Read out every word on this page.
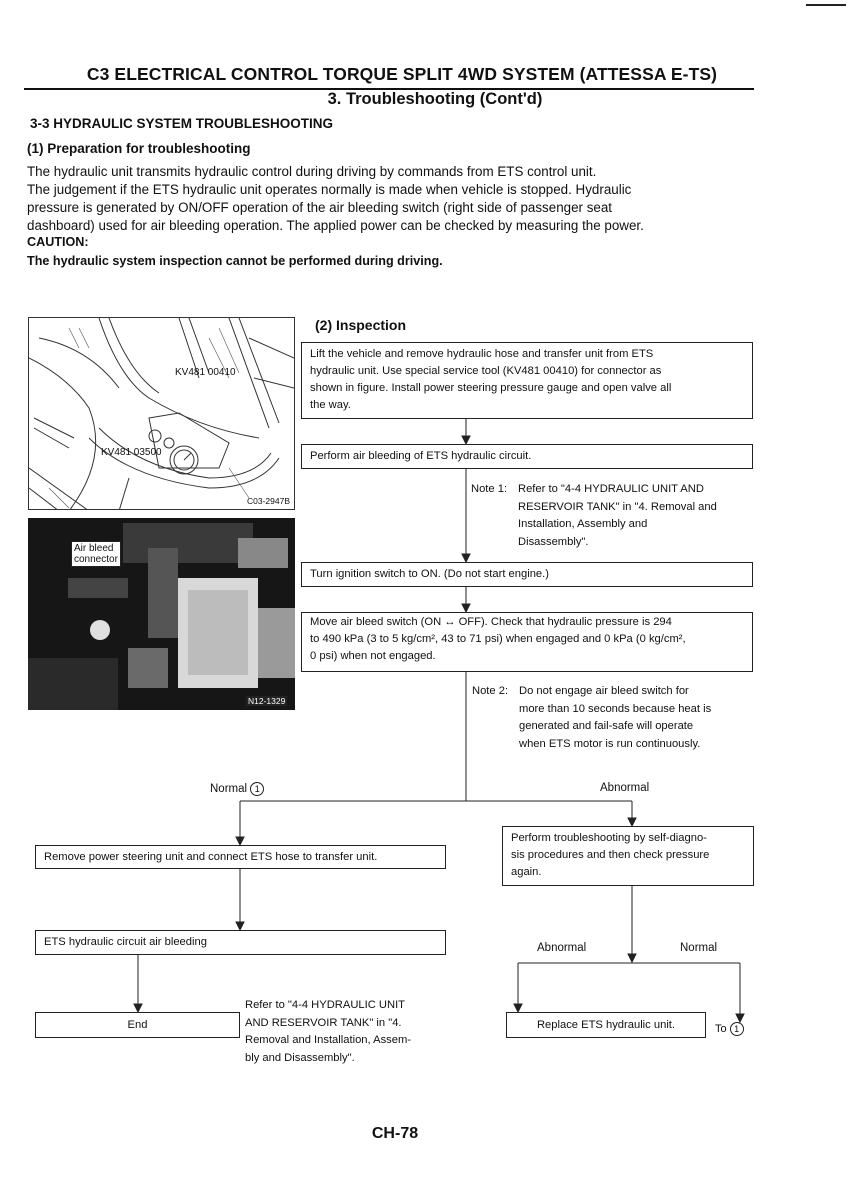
C3 ELECTRICAL CONTROL TORQUE SPLIT 4WD SYSTEM (ATTESSA E-TS)
3. Troubleshooting (Cont'd)
3-3 HYDRAULIC SYSTEM TROUBLESHOOTING
(1) Preparation for troubleshooting
The hydraulic unit transmits hydraulic control during driving by commands from ETS control unit.
The judgement if the ETS hydraulic unit operates normally is made when vehicle is stopped. Hydraulic
pressure is generated by ON/OFF operation of the air bleeding switch (right side of passenger seat
dashboard) used for air bleeding operation. The applied power can be checked by measuring the power.
CAUTION:
The hydraulic system inspection cannot be performed during driving.
KV481 00410
KV481 03500
C03-2947B
Air bleed
connector
N12-1329
(2) Inspection
Lift the vehicle and remove hydraulic hose and transfer unit from ETS
hydraulic unit. Use special service tool (KV481 00410) for connector as
shown in figure. Install power steering pressure gauge and open valve all
the way.
Perform air bleeding of ETS hydraulic circuit.
Note 1: Refer to "4-4 HYDRAULIC UNIT AND
RESERVOIR TANK" in "4. Removal and
Installation, Assembly and
Disassembly".
Turn ignition switch to ON. (Do not start engine.)
Move air bleed switch (ON ↔ OFF). Check that hydraulic pressure is 294
to 490 kPa (3 to 5 kg/cm², 43 to 71 psi) when engaged and 0 kPa (0 kg/cm²,
0 psi) when not engaged.
Note 2: Do not engage air bleed switch for
more than 10 seconds because heat is
generated and fail-safe will operate
when ETS motor is run continuously.
Normal 1	Abnormal
Remove power steering unit and connect ETS hose to transfer unit.
Perform troubleshooting by self-diagno-
sis procedures and then check pressure
again.
ETS hydraulic circuit air bleeding	Abnormal	Normal
End
Refer to "4-4 HYDRAULIC UNIT
AND RESERVOIR TANK" in "4.
Removal and Installation, Assem-
bly and Disassembly".
Replace ETS hydraulic unit.	To 1
CH-78
